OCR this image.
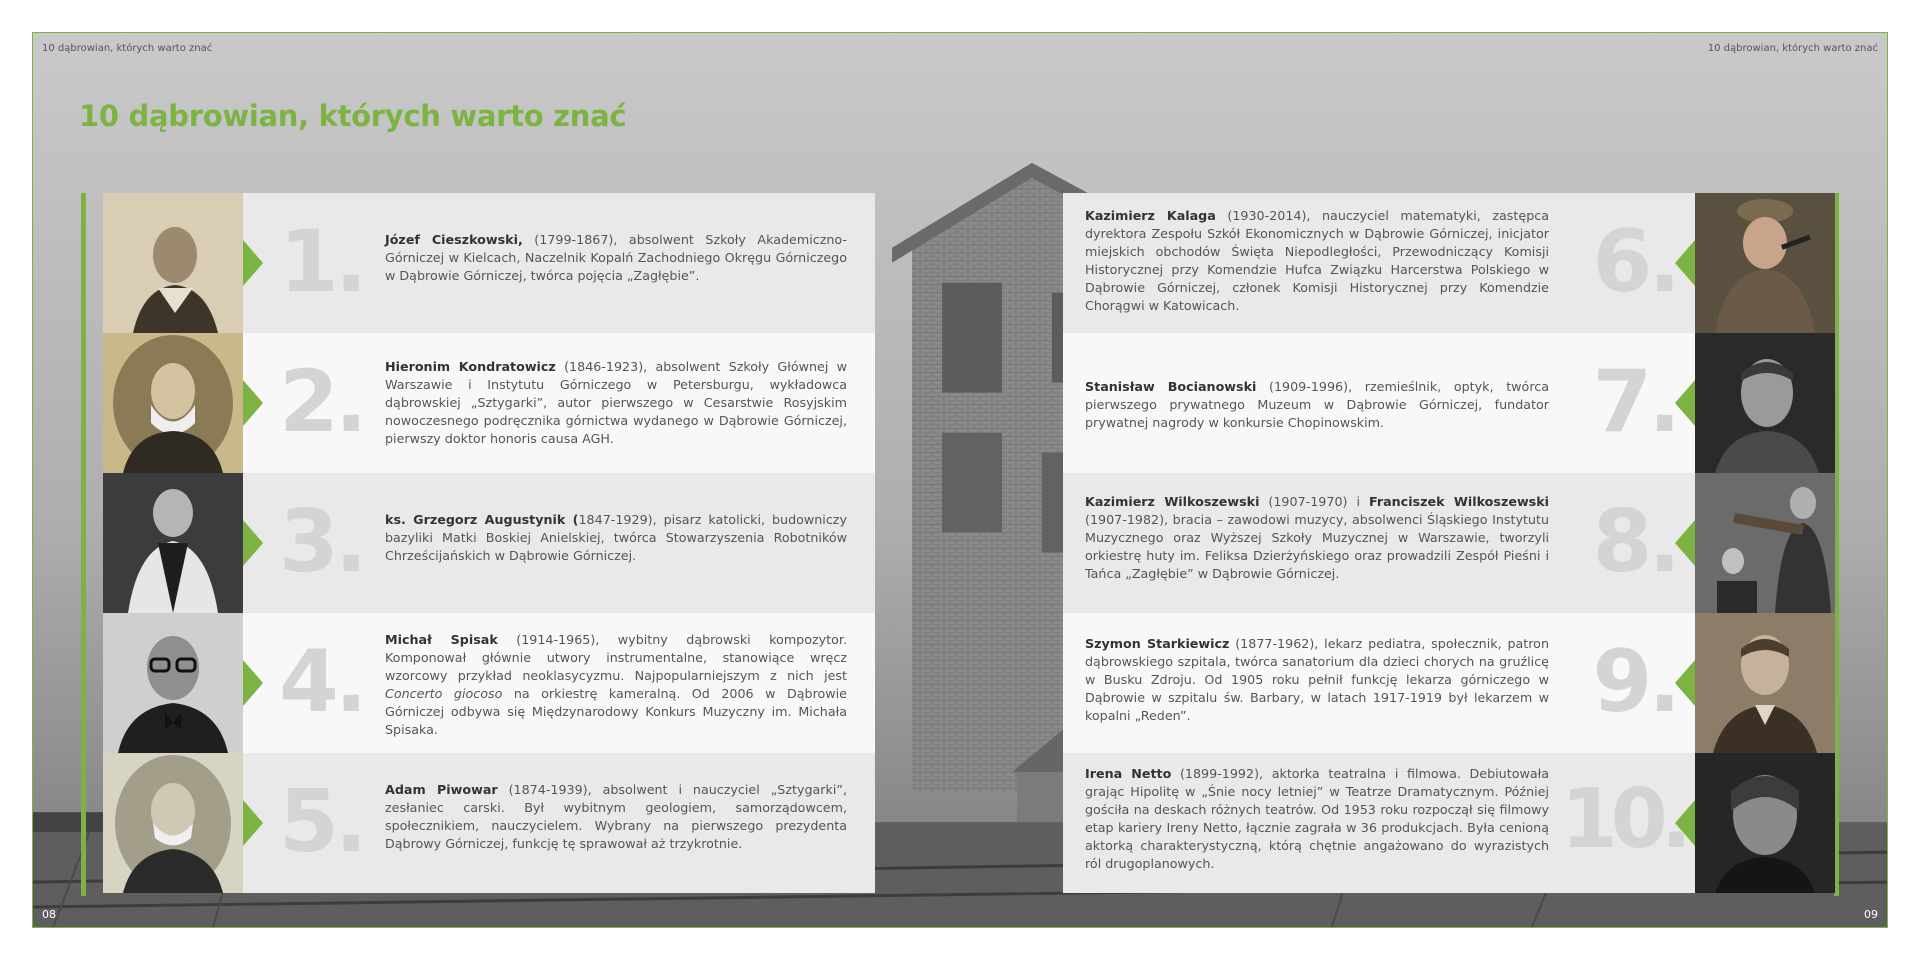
10 dąbrowian, których warto znać	10 dąbrowian, których warto znać
10 dąbrowian, których warto znać
1. Józef Cieszkowski, (1799-1867), absolwent Szkoły Akademiczno-Górniczej w Kielcach, Naczelnik Kopalń Zachodniego Okręgu Górniczego w Dąbrowie Górniczej, twórca pojęcia „Zagłębie”.
2. Hieronim Kondratowicz (1846-1923), absolwent Szkoły Głównej w Warszawie i Instytutu Górniczego w Petersburgu, wykładowca dąbrowskiej „Sztygarki”, autor pierwszego w Cesarstwie Rosyjskim nowoczesnego podręcznika górnictwa wydanego w Dąbrowie Górniczej, pierwszy doktor honoris causa AGH.
3. ks. Grzegorz Augustynik (1847-1929), pisarz katolicki, budowniczy bazyliki Matki Boskiej Anielskiej, twórca Stowarzyszenia Robotników Chrześcijańskich w Dąbrowie Górniczej.
4. Michał Spisak (1914-1965), wybitny dąbrowski kompozytor. Komponował głównie utwory instrumentalne, stanowiące wręcz wzorcowy przykład neoklasycyzmu. Najpopularniejszym z nich jest Concerto giocoso na orkiestrę kameralną. Od 2006 w Dąbrowie Górniczej odbywa się Międzynarodowy Konkurs Muzyczny im. Michała Spisaka.
5. Adam Piwowar (1874-1939), absolwent i nauczyciel „Sztygarki”, zesłaniec carski. Był wybitnym geologiem, samorządowcem, społecznikiem, nauczycielem. Wybrany na pierwszego prezydenta Dąbrowy Górniczej, funkcję tę sprawował aż trzykrotnie.
6.
Kazimierz Kalaga (1930-2014), nauczyciel matematyki, zastępca dyrektora Zespołu Szkół Ekonomicznych w Dąbrowie Górniczej, inicjator miejskich obchodów Święta Niepodległości, Przewodniczący Komisji Historycznej przy Komendzie Hufca Związku Harcerstwa Polskiego w Dąbrowie Górniczej, członek Komisji Historycznej przy Komendzie Chorągwi w Katowicach.
7.
Stanisław Bocianowski (1909-1996), rzemieślnik, optyk, twórca pierwszego prywatnego Muzeum w Dąbrowie Górniczej, fundator prywatnej nagrody w konkursie Chopinowskim.
8.
Kazimierz Wilkoszewski (1907-1970) i Franciszek Wilkoszewski (1907-1982), bracia – zawodowi muzycy, absolwenci Śląskiego Instytutu Muzycznego oraz Wyższej Szkoły Muzycznej w Warszawie, tworzyli orkiestrę huty im. Feliksa Dzierżyńskiego oraz prowadzili Zespół Pieśni i Tańca „Zagłębie” w Dąbrowie Górniczej.
9.
Szymon Starkiewicz (1877-1962), lekarz pediatra, społecznik, patron dąbrowskiego szpitala, twórca sanatorium dla dzieci chorych na gruźlicę w Busku Zdroju. Od 1905 roku pełnił funkcję lekarza górniczego w Dąbrowie w szpitalu św. Barbary, w latach 1917-1919 był lekarzem w kopalni „Reden”.
10.
Irena Netto (1899-1992), aktorka teatralna i filmowa. Debiutowała grając Hipolitę w „Śnie nocy letniej” w Teatrze Dramatycznym. Później gościła na deskach różnych teatrów. Od 1953 roku rozpoczął się filmowy etap kariery Ireny Netto, łącznie zagrała w 36 produkcjach. Była cenioną aktorką charakterystyczną, którą chętnie angażowano do wyrazistych ról drugoplanowych.
08	09
